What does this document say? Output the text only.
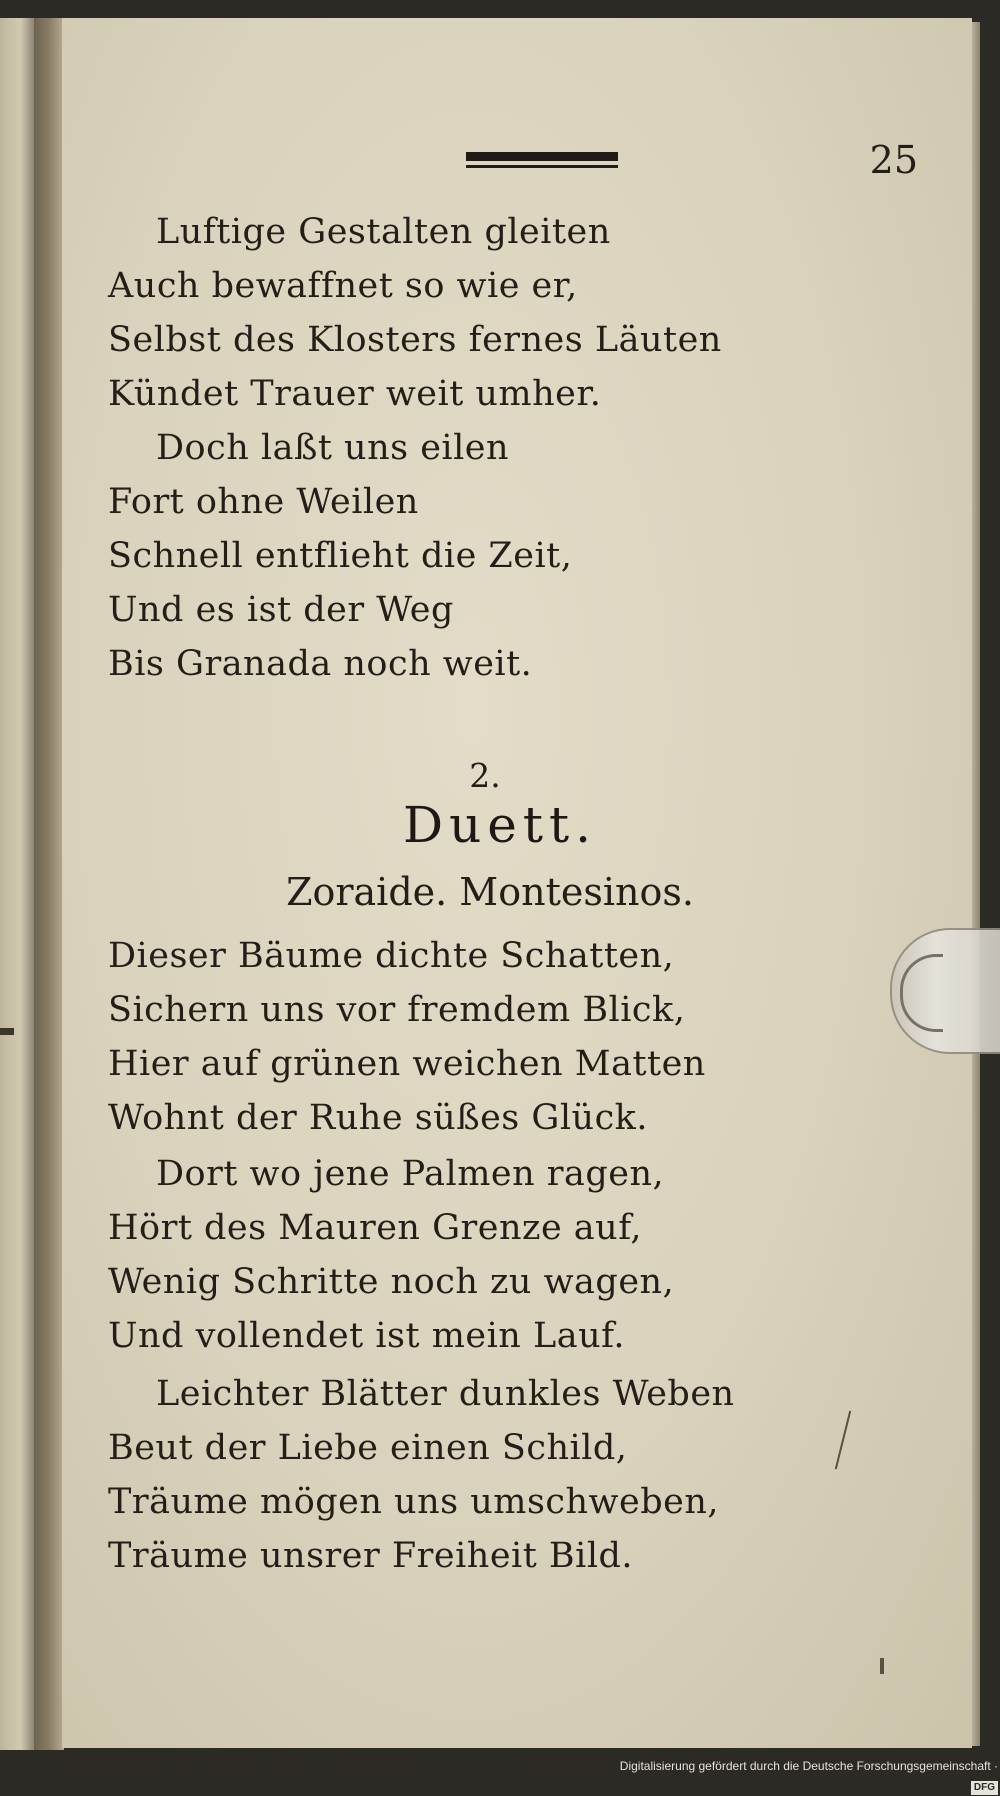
25
Luftige Gestalten gleiten
Auch bewaffnet so wie er,
Selbst des Klosters fernes Läuten
Kündet Trauer weit umher.
Doch laßt uns eilen
Fort ohne Weilen
Schnell entflieht die Zeit,
Und es ist der Weg
Bis Granada noch weit.
2.
Duett.
Zoraide. Montesinos.
Dieser Bäume dichte Schatten,
Sichern uns vor fremdem Blick,
Hier auf grünen weichen Matten
Wohnt der Ruhe süßes Glück.
Dort wo jene Palmen ragen,
Hört des Mauren Grenze auf,
Wenig Schritte noch zu wagen,
Und vollendet ist mein Lauf.
Leichter Blätter dunkles Weben
Beut der Liebe einen Schild,
Träume mögen uns umschweben,
Träume unsrer Freiheit Bild.
Digitalisierung gefördert durch die Deutsche Forschungsgemeinschaft ·DFG
